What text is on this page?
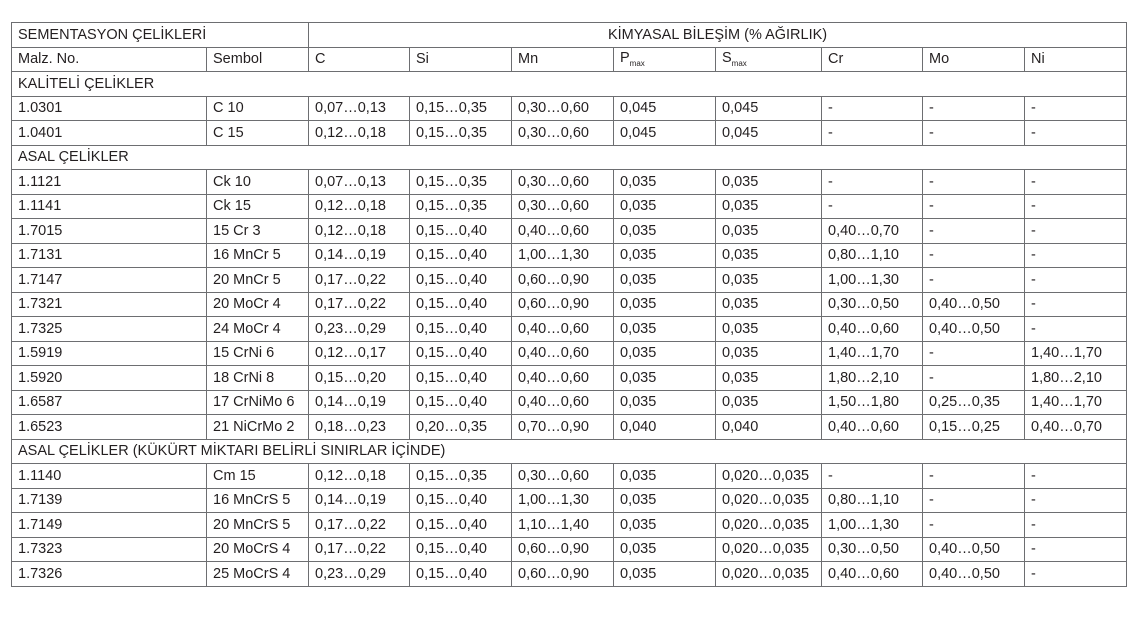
SEMENTASYON ÇELİKLERİ		KİMYASAL BİLEŞİM (% AĞIRLIK)							
Malz. No.	Sembol	C	Si	Mn	$P_{max}$	$S_{max}$	Cr	Mo	Ni
KALİTELİ ÇELİKLER									
1.0301	C 10	0,07…0,13	0,15…0,35	0,30…0,60	0,045	0,045	-	-	-
1.0401	C 15	0,12…0,18	0,15…0,35	0,30…0,60	0,045	0,045	-	-	-
ASAL ÇELİKLER									
1.1121	Ck 10	0,07…0,13	0,15…0,35	0,30…0,60	0,035	0,035	-	-	-
1.1141	Ck 15	0,12…0,18	0,15…0,35	0,30…0,60	0,035	0,035	-	-	-
1.7015	15 Cr 3	0,12…0,18	0,15…0,40	0,40…0,60	0,035	0,035	0,40…0,70	-	-
1.7131	16 MnCr 5	0,14…0,19	0,15…0,40	1,00…1,30	0,035	0,035	0,80…1,10	-	-
1.7147	20 MnCr 5	0,17…0,22	0,15…0,40	0,60…0,90	0,035	0,035	1,00…1,30	-	-
1.7321	20 MoCr 4	0,17…0,22	0,15…0,40	0,60…0,90	0,035	0,035	0,30…0,50	0,40…0,50	-
1.7325	24 MoCr 4	0,23…0,29	0,15…0,40	0,40…0,60	0,035	0,035	0,40…0,60	0,40…0,50	-
1.5919	15 CrNi 6	0,12…0,17	0,15…0,40	0,40…0,60	0,035	0,035	1,40…1,70	-	1,40…1,70
1.5920	18 CrNi 8	0,15…0,20	0,15…0,40	0,40…0,60	0,035	0,035	1,80…2,10	-	1,80…2,10
1.6587	17 CrNiMo 6	0,14…0,19	0,15…0,40	0,40…0,60	0,035	0,035	1,50…1,80	0,25…0,35	1,40…1,70
1.6523	21 NiCrMo 2	0,18…0,23	0,20…0,35	0,70…0,90	0,040	0,040	0,40…0,60	0,15…0,25	0,40…0,70
ASAL ÇELİKLER (KÜKÜRT MİKTARI BELİRLİ SINIRLAR İÇİNDE)									
1.1140	Cm 15	0,12…0,18	0,15…0,35	0,30…0,60	0,035	0,020…0,035	-	-	-
1.7139	16 MnCrS 5	0,14…0,19	0,15…0,40	1,00…1,30	0,035	0,020…0,035	0,80…1,10	-	-
1.7149	20 MnCrS 5	0,17…0,22	0,15…0,40	1,10…1,40	0,035	0,020…0,035	1,00…1,30	-	-
1.7323	20 MoCrS 4	0,17…0,22	0,15…0,40	0,60…0,90	0,035	0,020…0,035	0,30…0,50	0,40…0,50	-
1.7326	25 MoCrS 4	0,23…0,29	0,15…0,40	0,60…0,90	0,035	0,020…0,035	0,40…0,60	0,40…0,50	-
